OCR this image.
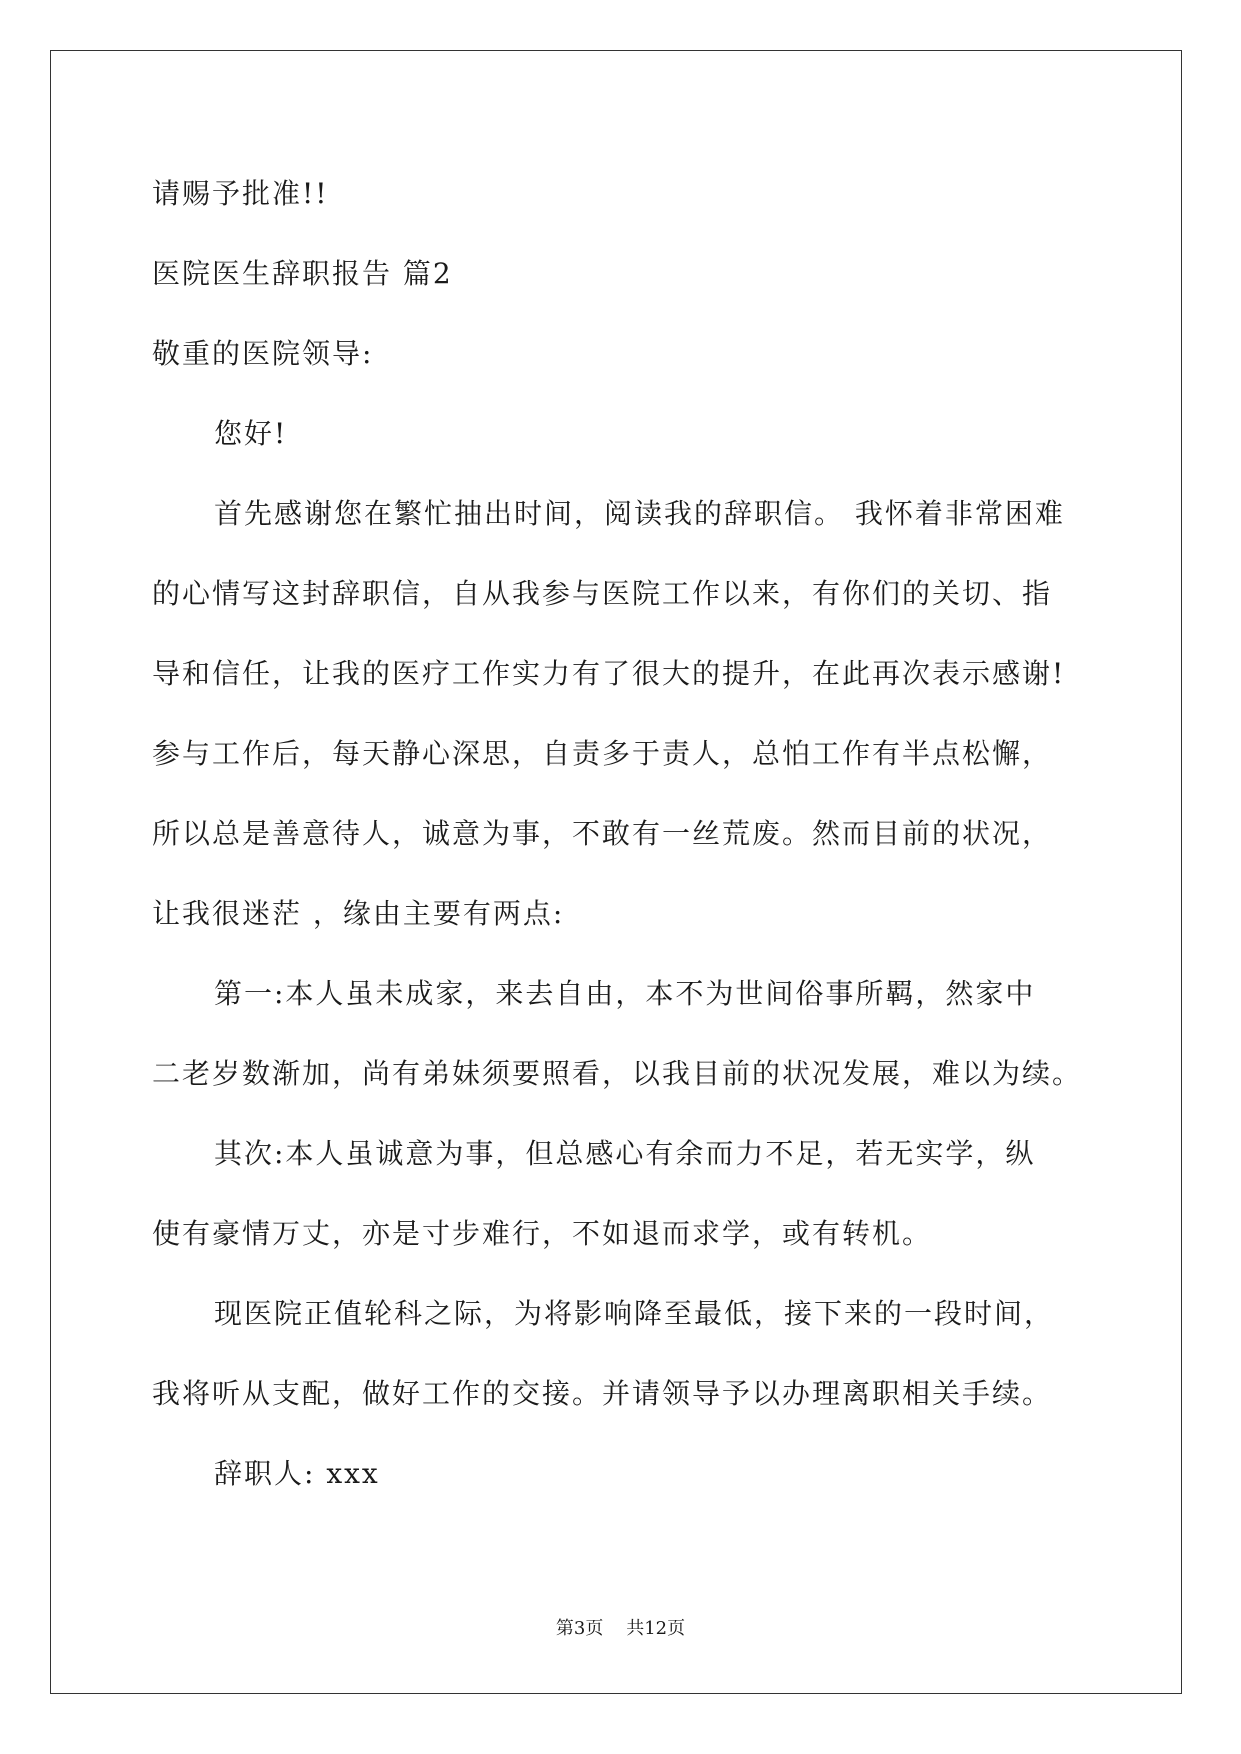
请赐予批准!!
医院医生辞职报告 篇2
敬重的医院领导:
您好!
首先感谢您在繁忙抽出时间，阅读我的辞职信。 我怀着非常困难
的心情写这封辞职信，自从我参与医院工作以来，有你们的关切、指
导和信任，让我的医疗工作实力有了很大的提升，在此再次表示感谢!
参与工作后，每天静心深思，自责多于责人，总怕工作有半点松懈，
所以总是善意待人，诚意为事，不敢有一丝荒废。然而目前的状况，
让我很迷茫 ，缘由主要有两点:
第一:本人虽未成家，来去自由，本不为世间俗事所羁，然家中
二老岁数渐加，尚有弟妹须要照看，以我目前的状况发展，难以为续。
其次:本人虽诚意为事，但总感心有余而力不足，若无实学，纵
使有豪情万丈，亦是寸步难行，不如退而求学，或有转机。
现医院正值轮科之际，为将影响降至最低，接下来的一段时间，
我将听从支配，做好工作的交接。并请领导予以办理离职相关手续。
辞职人: xxx
第3页    共12页
